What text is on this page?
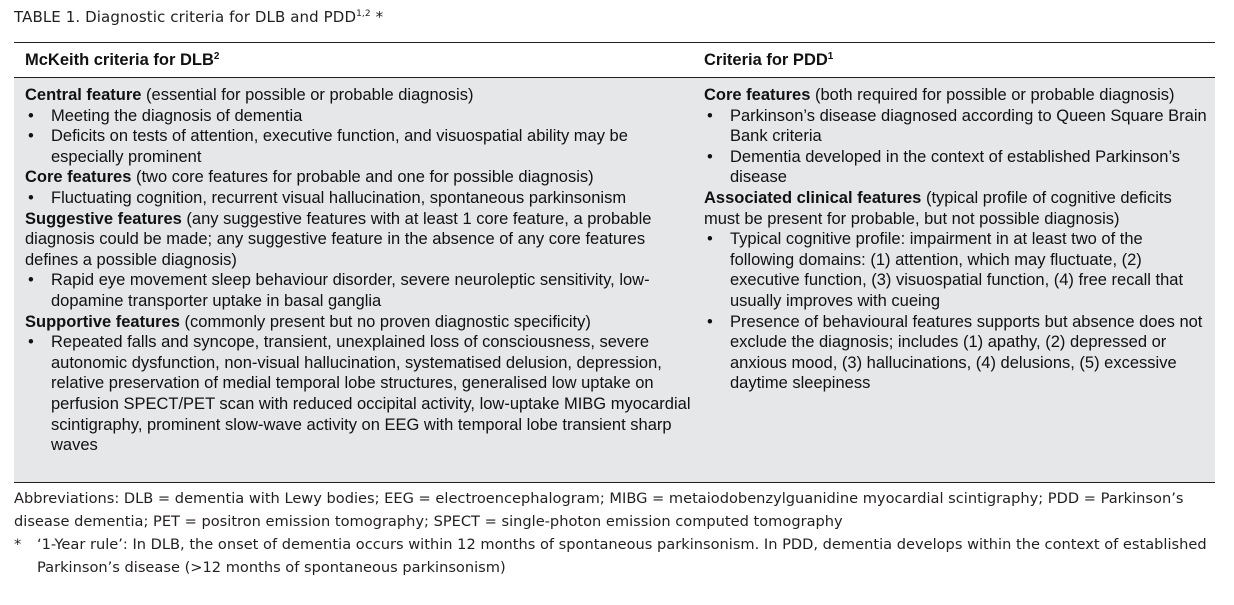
TABLE 1. Diagnostic criteria for DLB and PDD$^{1,2}$ *
McKeith criteria for DLB$^2$	Criteria for PDD$^1$
Central feature (essential for possible or probable diagnosis)
• Meeting the diagnosis of dementia
• Deficits on tests of attention, executive function, and visuospatial ability may be especially prominent
Core features (two core features for probable and one for possible diagnosis)
• Fluctuating cognition, recurrent visual hallucination, spontaneous parkinsonism
Suggestive features (any suggestive features with at least 1 core feature, a probable diagnosis could be made; any suggestive feature in the absence of any core features defines a possible diagnosis)
• Rapid eye movement sleep behaviour disorder, severe neuroleptic sensitivity, low-dopamine transporter uptake in basal ganglia
Supportive features (commonly present but no proven diagnostic specificity)
• Repeated falls and syncope, transient, unexplained loss of consciousness, severe autonomic dysfunction, non-visual hallucination, systematised delusion, depression, relative preservation of medial temporal lobe structures, generalised low uptake on perfusion SPECT/PET scan with reduced occipital activity, low-uptake MIBG myocardial scintigraphy, prominent slow-wave activity on EEG with temporal lobe transient sharp waves
Core features (both required for possible or probable diagnosis)
• Parkinson’s disease diagnosed according to Queen Square Brain Bank criteria
• Dementia developed in the context of established Parkinson’s disease
Associated clinical features (typical profile of cognitive deficits must be present for probable, but not possible diagnosis)
• Typical cognitive profile: impairment in at least two of the following domains: (1) attention, which may fluctuate, (2) executive function, (3) visuospatial function, (4) free recall that usually improves with cueing
• Presence of behavioural features supports but absence does not exclude the diagnosis; includes (1) apathy, (2) depressed or anxious mood, (3) hallucinations, (4) delusions, (5) excessive daytime sleepiness
Abbreviations: DLB = dementia with Lewy bodies; EEG = electroencephalogram; MIBG = metaiodobenzylguanidine myocardial scintigraphy; PDD = Parkinson’s disease dementia; PET = positron emission tomography; SPECT = single-photon emission computed tomography
* ‘1-Year rule’: In DLB, the onset of dementia occurs within 12 months of spontaneous parkinsonism. In PDD, dementia develops within the context of established Parkinson’s disease (>12 months of spontaneous parkinsonism)
